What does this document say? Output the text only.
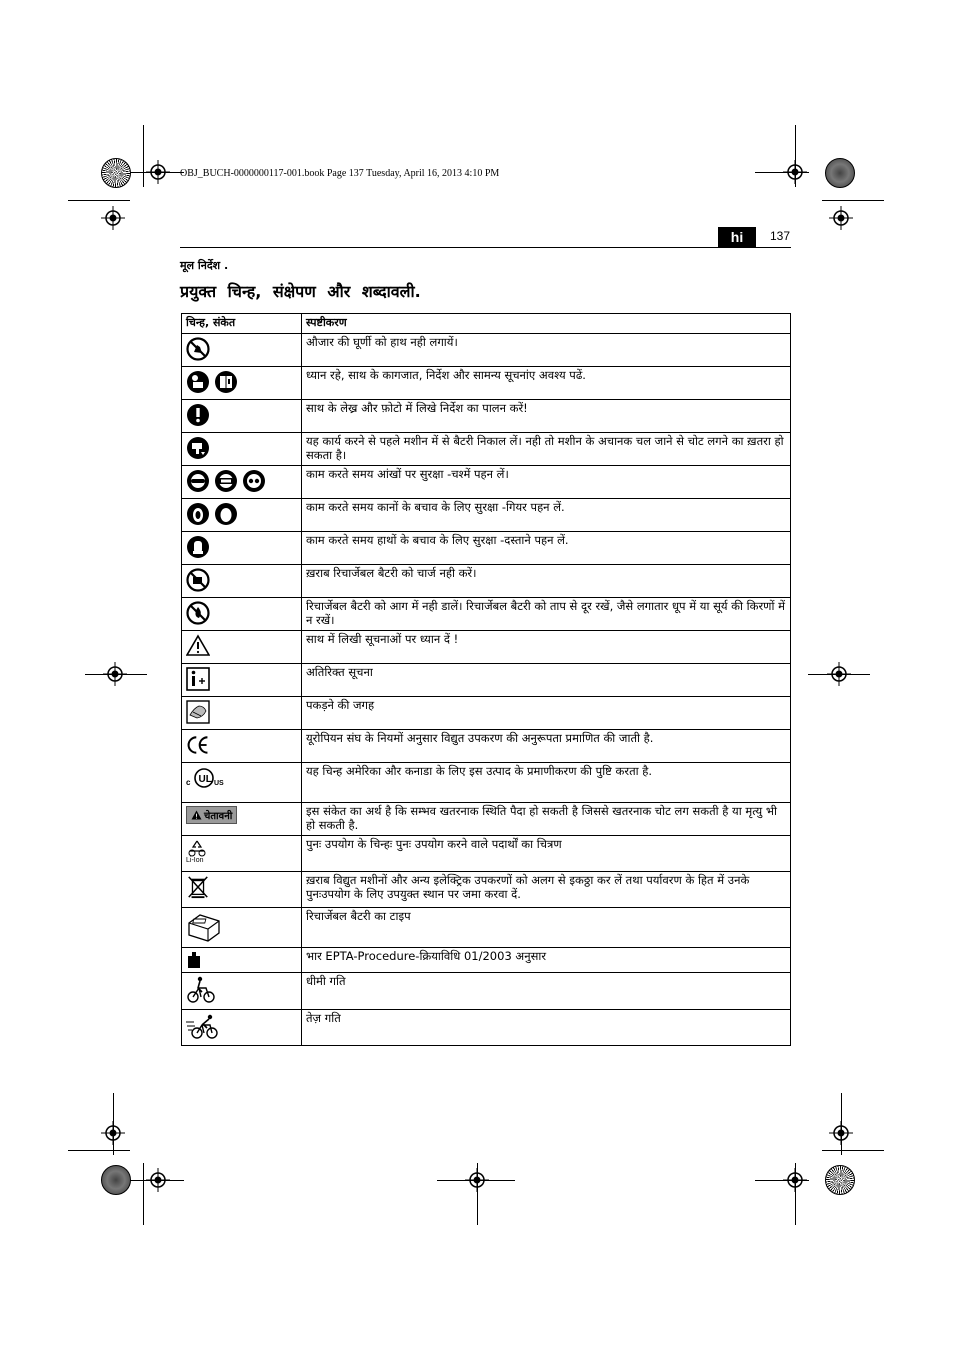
OBJ_BUCH-0000000117-001.book Page 137 Tuesday, April 16, 2013 4:10 PM
hi	137
मूल निर्देश .
प्रयुक्त चिन्ह, संक्षेपण और शब्दावली.
चिन्ह, संकेत	स्पष्टीकरण

	औजार की घूर्णी को हाथ नही लगायें।

	ध्यान रहे, साथ के कागजात, निर्देश और सामन्य सूचनांए अवश्य पढें.

	साथ के लेख्र और फ़ोटो में लिखे निर्देश का पालन करें!

	यह कार्य करने से पहले मशीन में से बैटरी निकाल लें। नही तो मशीन के अचानक चल जाने से चोट लगने का ख़तरा हो सकता है।

	काम करते समय आंखों पर सुरक्षा -चश्में पहन लें।

	काम करते समय कानों के बचाव के लिए सुरक्षा -गियर पहन लें.

	काम करते समय हाथों के बचाव के लिए सुरक्षा -दस्ताने पहन लें.

	ख़राब रिचार्जेबल बैटरी को चार्ज नही करें।

	रिचार्जेबल बैटरी को आग में नही डालें। रिचार्जेबल बैटरी को ताप से दूर रखें, जैसे लगातार धूप में या सूर्य की किरणों में न रखें।

	साथ में लिखी सूचनाओं पर ध्यान दें !

	अतिरिक्त सूचना

	पकड़ने की जगह

	यूरोपियन संघ के नियमों अनुसार विद्युत उपकरण की अनुरूपता प्रमाणित की जाती है.

c UL US	यह चिन्ह अमेरिका और कनाडा के लिए इस उत्पाद के प्रमाणीकरण की पुष्टि करता है.

चेतावनी	इस संकेत का अर्थ है कि सम्भव खतरनाक स्थिति पैदा हो सकती है जिससे खतरनाक चोट लग सकती है या मृत्यु भी हो सकती है.

Li-Ion	पुनः उपयोग के चिन्हः पुनः उपयोग करने वाले पदार्थों का चित्रण

	ख़राब विद्युत मशीनों और अन्य इलेक्ट्रिक उपकरणों को अलग से इकठ्ठा कर लें तथा पर्यावरण के हित में उनके पुनःउपयोग के लिए उपयुक्त स्थान पर जमा करवा दें.

	रिचार्जेबल बैटरी का टाइप

	भार EPTA-Procedure-क्रियाविधि 01/2003 अनुसार

	धीमी गति

	तेज़ गति
